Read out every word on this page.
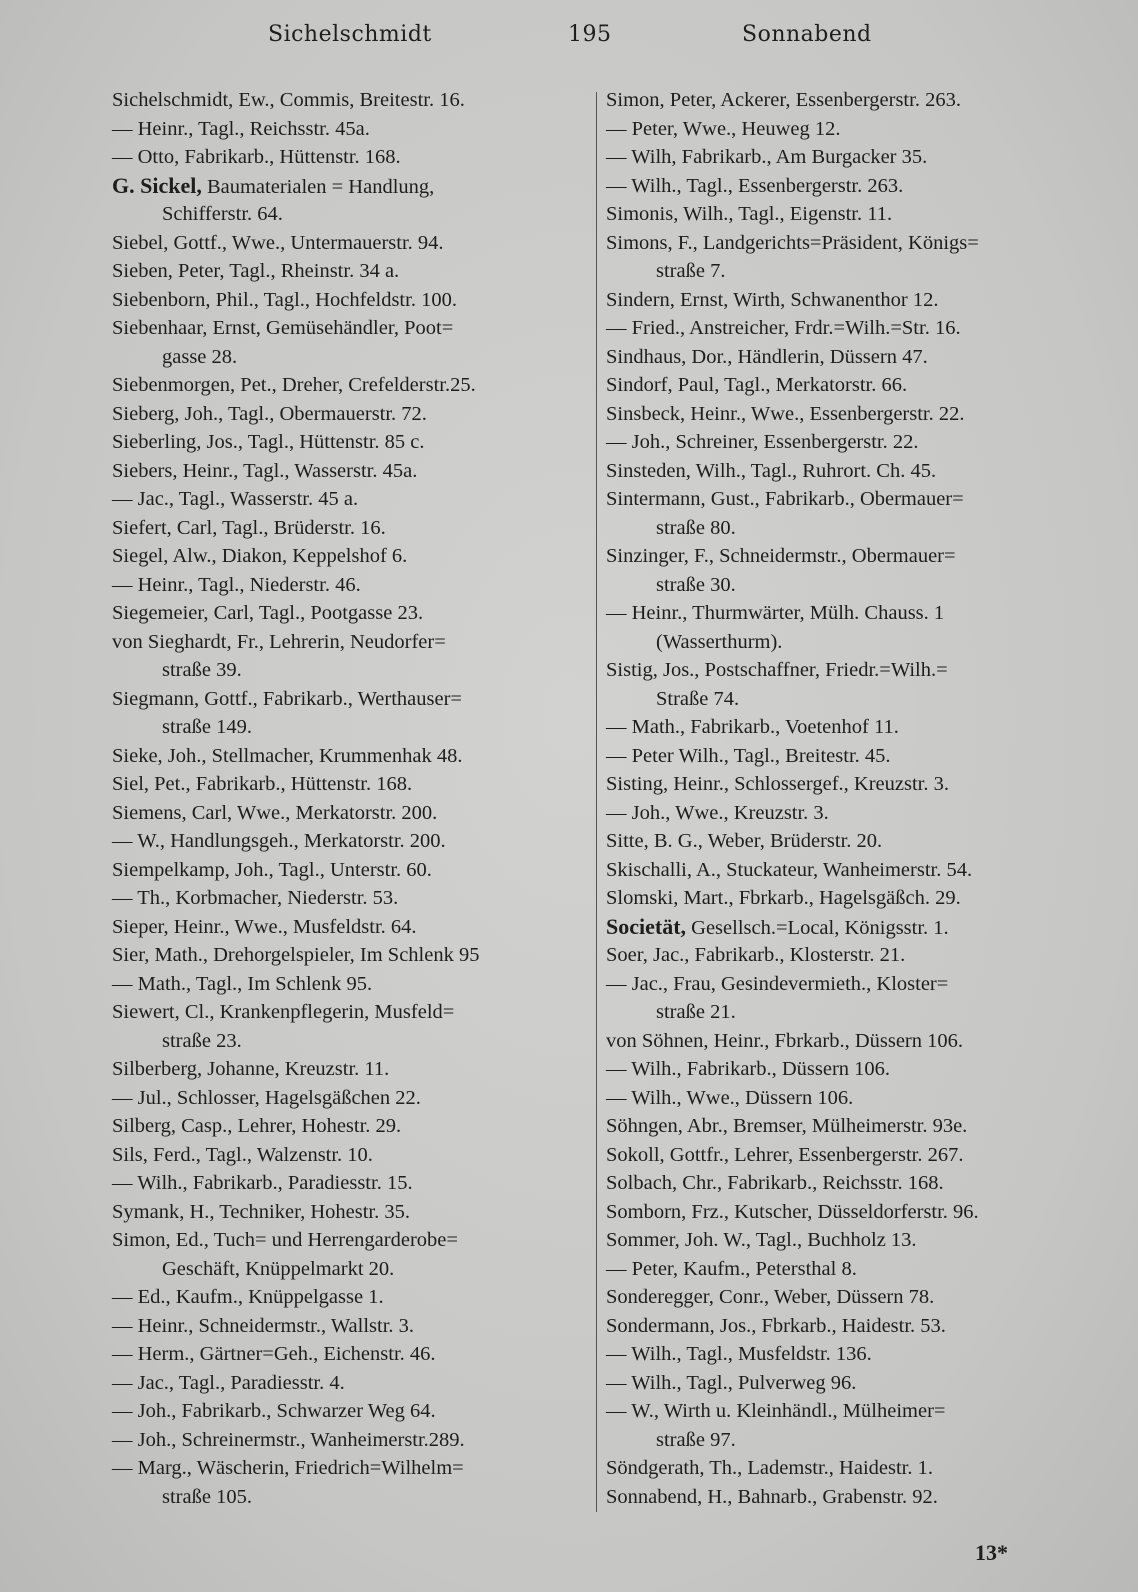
Sichelschmidt	195	Sonnabend
Sichelschmidt, Ew., Commis, Breitestr. 16.
— Heinr., Tagl., Reichsstr. 45a.
— Otto, Fabrikarb., Hüttenstr. 168.
G. Sickel, Baumaterialen = Handlung,
Schifferstr. 64.
Siebel, Gottf., Wwe., Untermauerstr. 94.
Sieben, Peter, Tagl., Rheinstr. 34 a.
Siebenborn, Phil., Tagl., Hochfeldstr. 100.
Siebenhaar, Ernst, Gemüsehändler, Poot=
gasse 28.
Siebenmorgen, Pet., Dreher, Crefelderstr.25.
Sieberg, Joh., Tagl., Obermauerstr. 72.
Sieberling, Jos., Tagl., Hüttenstr. 85 c.
Siebers, Heinr., Tagl., Wasserstr. 45a.
— Jac., Tagl., Wasserstr. 45 a.
Siefert, Carl, Tagl., Brüderstr. 16.
Siegel, Alw., Diakon, Keppelshof 6.
— Heinr., Tagl., Niederstr. 46.
Siegemeier, Carl, Tagl., Pootgasse 23.
von Sieghardt, Fr., Lehrerin, Neudorfer=
straße 39.
Siegmann, Gottf., Fabrikarb., Werthauser=
straße 149.
Sieke, Joh., Stellmacher, Krummenhak 48.
Siel, Pet., Fabrikarb., Hüttenstr. 168.
Siemens, Carl, Wwe., Merkatorstr. 200.
— W., Handlungsgeh., Merkatorstr. 200.
Siempelkamp, Joh., Tagl., Unterstr. 60.
— Th., Korbmacher, Niederstr. 53.
Sieper, Heinr., Wwe., Musfeldstr. 64.
Sier, Math., Drehorgelspieler, Im Schlenk 95
— Math., Tagl., Im Schlenk 95.
Siewert, Cl., Krankenpflegerin, Musfeld=
straße 23.
Silberberg, Johanne, Kreuzstr. 11.
— Jul., Schlosser, Hagelsgäßchen 22.
Silberg, Casp., Lehrer, Hohestr. 29.
Sils, Ferd., Tagl., Walzenstr. 10.
— Wilh., Fabrikarb., Paradiesstr. 15.
Symank, H., Techniker, Hohestr. 35.
Simon, Ed., Tuch= und Herrengarderobe=
Geschäft, Knüppelmarkt 20.
— Ed., Kaufm., Knüppelgasse 1.
— Heinr., Schneidermstr., Wallstr. 3.
— Herm., Gärtner=Geh., Eichenstr. 46.
— Jac., Tagl., Paradiesstr. 4.
— Joh., Fabrikarb., Schwarzer Weg 64.
— Joh., Schreinermstr., Wanheimerstr.289.
— Marg., Wäscherin, Friedrich=Wilhelm=
straße 105.
Simon, Peter, Ackerer, Essenbergerstr. 263.
— Peter, Wwe., Heuweg 12.
— Wilh, Fabrikarb., Am Burgacker 35.
— Wilh., Tagl., Essenbergerstr. 263.
Simonis, Wilh., Tagl., Eigenstr. 11.
Simons, F., Landgerichts=Präsident, Königs=
straße 7.
Sindern, Ernst, Wirth, Schwanenthor 12.
— Fried., Anstreicher, Frdr.=Wilh.=Str. 16.
Sindhaus, Dor., Händlerin, Düssern 47.
Sindorf, Paul, Tagl., Merkatorstr. 66.
Sinsbeck, Heinr., Wwe., Essenbergerstr. 22.
— Joh., Schreiner, Essenbergerstr. 22.
Sinsteden, Wilh., Tagl., Ruhrort. Ch. 45.
Sintermann, Gust., Fabrikarb., Obermauer=
straße 80.
Sinzinger, F., Schneidermstr., Obermauer=
straße 30.
— Heinr., Thurmwärter, Mülh. Chauss. 1
(Wasserthurm).
Sistig, Jos., Postschaffner, Friedr.=Wilh.=
Straße 74.
— Math., Fabrikarb., Voetenhof 11.
— Peter Wilh., Tagl., Breitestr. 45.
Sisting, Heinr., Schlossergef., Kreuzstr. 3.
— Joh., Wwe., Kreuzstr. 3.
Sitte, B. G., Weber, Brüderstr. 20.
Skischalli, A., Stuckateur, Wanheimerstr. 54.
Slomski, Mart., Fbrkarb., Hagelsgäßch. 29.
Societät, Gesellsch.=Local, Königsstr. 1.
Soer, Jac., Fabrikarb., Klosterstr. 21.
— Jac., Frau, Gesindevermieth., Kloster=
straße 21.
von Söhnen, Heinr., Fbrkarb., Düssern 106.
— Wilh., Fabrikarb., Düssern 106.
— Wilh., Wwe., Düssern 106.
Söhngen, Abr., Bremser, Mülheimerstr. 93e.
Sokoll, Gottfr., Lehrer, Essenbergerstr. 267.
Solbach, Chr., Fabrikarb., Reichsstr. 168.
Somborn, Frz., Kutscher, Düsseldorferstr. 96.
Sommer, Joh. W., Tagl., Buchholz 13.
— Peter, Kaufm., Petersthal 8.
Sonderegger, Conr., Weber, Düssern 78.
Sondermann, Jos., Fbrkarb., Haidestr. 53.
— Wilh., Tagl., Musfeldstr. 136.
— Wilh., Tagl., Pulverweg 96.
— W., Wirth u. Kleinhändl., Mülheimer=
straße 97.
Söndgerath, Th., Lademstr., Haidestr. 1.
Sonnabend, H., Bahnarb., Grabenstr. 92.
13*
